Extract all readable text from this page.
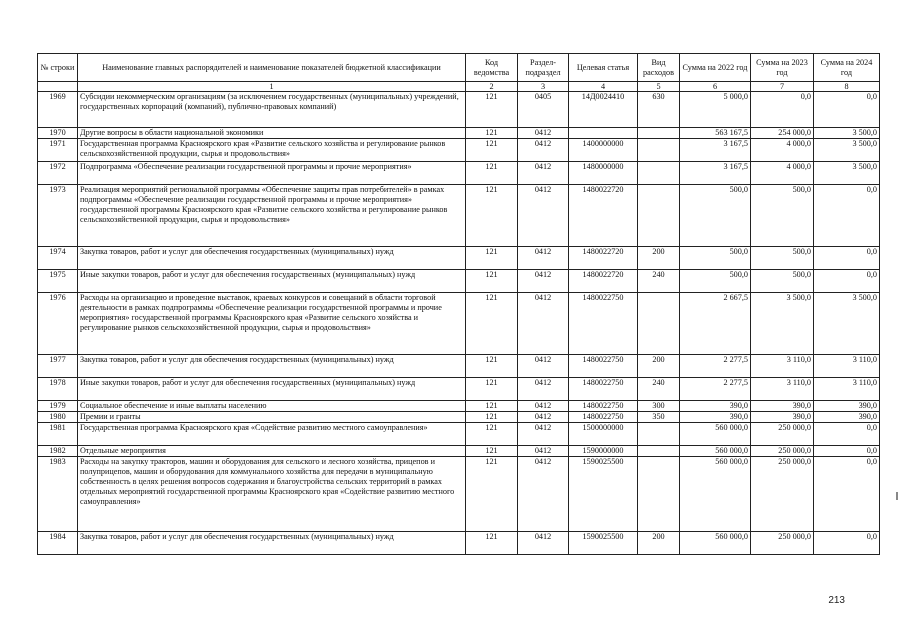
№ строки	Наименование главных распорядителей и наименование показателей бюджетной классификации	Код ведомства	Раздел-подраздел	Целевая статья	Вид расходов	Сумма на 2022 год	Сумма на 2023 год	Сумма на 2024 год
	1	2	3	4	5	6	7	8
1969	Субсидии некоммерческим организациям (за исключением государственных (муниципальных) учреждений, государственных корпораций (компаний), публично-правовых компаний)	121	0405	14Д0024410	630	5 000,0	0,0	0,0
1970	Другие вопросы в области национальной экономики	121	0412			563 167,5	254 000,0	3 500,0
1971	Государственная программа Красноярского края «Развитие сельского хозяйства и регулирование рынков сельскохозяйственной продукции, сырья и продовольствия»	121	0412	1400000000		3 167,5	4 000,0	3 500,0
1972	Подпрограмма «Обеспечение реализации государственной программы и прочие мероприятия»	121	0412	1480000000		3 167,5	4 000,0	3 500,0
1973	Реализация мероприятий региональной программы «Обеспечение защиты прав потребителей» в рамках подпрограммы «Обеспечение реализации государственной программы и прочие мероприятия» государственной программы Красноярского края «Развитие сельского хозяйства и регулирование рынков сельскохозяйственной продукции, сырья и продовольствия»	121	0412	1480022720		500,0	500,0	0,0
1974	Закупка товаров, работ и услуг для обеспечения государственных (муниципальных) нужд	121	0412	1480022720	200	500,0	500,0	0,0
1975	Иные закупки товаров, работ и услуг для обеспечения государственных (муниципальных) нужд	121	0412	1480022720	240	500,0	500,0	0,0
1976	Расходы на организацию и проведение выставок, краевых конкурсов и совещаний в области торговой деятельности в рамках подпрограммы «Обеспечение реализации государственной программы и прочие мероприятия» государственной программы Красноярского края «Развитие сельского хозяйства и регулирование рынков сельскохозяйственной продукции, сырья и продовольствия»	121	0412	1480022750		2 667,5	3 500,0	3 500,0
1977	Закупка товаров, работ и услуг для обеспечения государственных (муниципальных) нужд	121	0412	1480022750	200	2 277,5	3 110,0	3 110,0
1978	Иные закупки товаров, работ и услуг для обеспечения государственных (муниципальных) нужд	121	0412	1480022750	240	2 277,5	3 110,0	3 110,0
1979	Социальное обеспечение и иные выплаты населению	121	0412	1480022750	300	390,0	390,0	390,0
1980	Премии и гранты	121	0412	1480022750	350	390,0	390,0	390,0
1981	Государственная программа Красноярского края «Содействие развитию местного самоуправления»	121	0412	1500000000		560 000,0	250 000,0	0,0
1982	Отдельные мероприятия	121	0412	1590000000		560 000,0	250 000,0	0,0
1983	Расходы на закупку тракторов, машин и оборудования для сельского и лесного хозяйства, прицепов и полуприцепов, машин и оборудования для коммунального хозяйства для передачи в муниципальную собственность в целях решения вопросов содержания и благоустройства сельских территорий в рамках отдельных мероприятий государственной программы Красноярского края «Содействие развитию местного самоуправления»	121	0412	1590025500		560 000,0	250 000,0	0,0
1984	Закупка товаров, работ и услуг для обеспечения государственных (муниципальных) нужд	121	0412	1590025500	200	560 000,0	250 000,0	0,0
213
